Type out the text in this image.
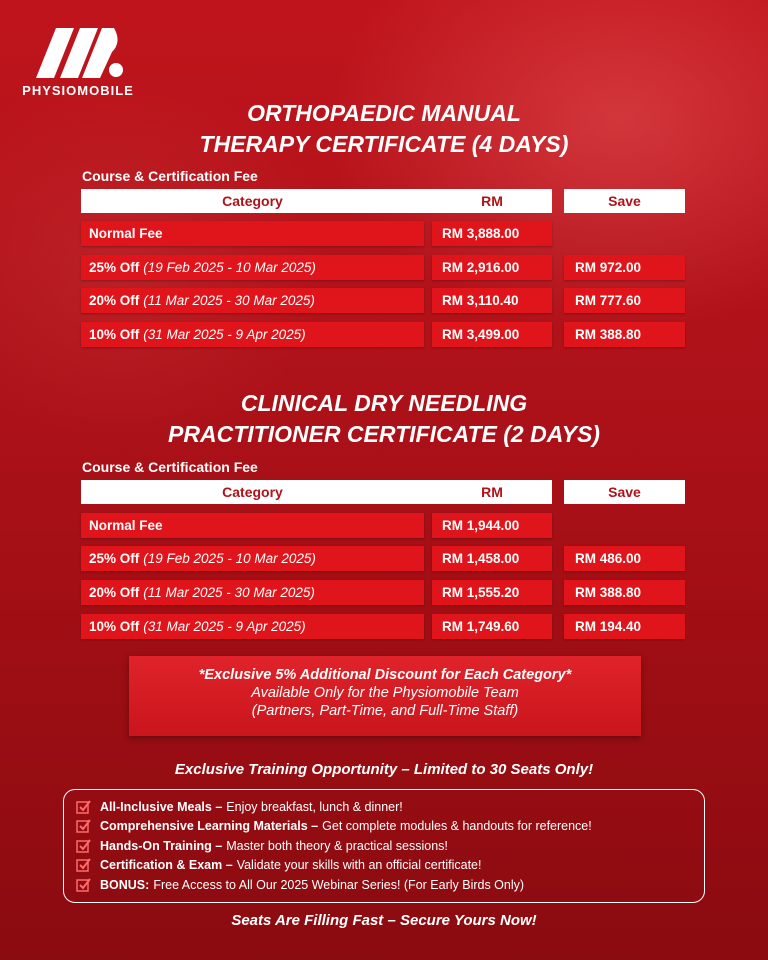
PHYSIOMOBILE
ORTHOPAEDIC MANUAL
THERAPY CERTIFICATE (4 DAYS)
Course & Certification Fee
Category	RM	Save
Normal Fee	RM 3,888.00
25% Off (19 Feb 2025 - 10 Mar 2025)	RM 2,916.00	RM 972.00
20% Off (11 Mar 2025 - 30 Mar 2025)	RM 3,110.40	RM 777.60
10% Off (31 Mar 2025 - 9 Apr 2025)	RM 3,499.00	RM 388.80
CLINICAL DRY NEEDLING
PRACTITIONER CERTIFICATE (2 DAYS)
Course & Certification Fee
Category	RM	Save
Normal Fee	RM 1,944.00
25% Off (19 Feb 2025 - 10 Mar 2025)	RM 1,458.00	RM 486.00
20% Off (11 Mar 2025 - 30 Mar 2025)	RM 1,555.20	RM 388.80
10% Off (31 Mar 2025 - 9 Apr 2025)	RM 1,749.60	RM 194.40
*Exclusive 5% Additional Discount for Each Category*
Available Only for the Physiomobile Team
(Partners, Part-Time, and Full-Time Staff)
Exclusive Training Opportunity – Limited to 30 Seats Only!
All-Inclusive Meals – Enjoy breakfast, lunch & dinner!
Comprehensive Learning Materials – Get complete modules & handouts for reference!
Hands-On Training – Master both theory & practical sessions!
Certification & Exam – Validate your skills with an official certificate!
BONUS: Free Access to All Our 2025 Webinar Series! (For Early Birds Only)
Seats Are Filling Fast – Secure Yours Now!
